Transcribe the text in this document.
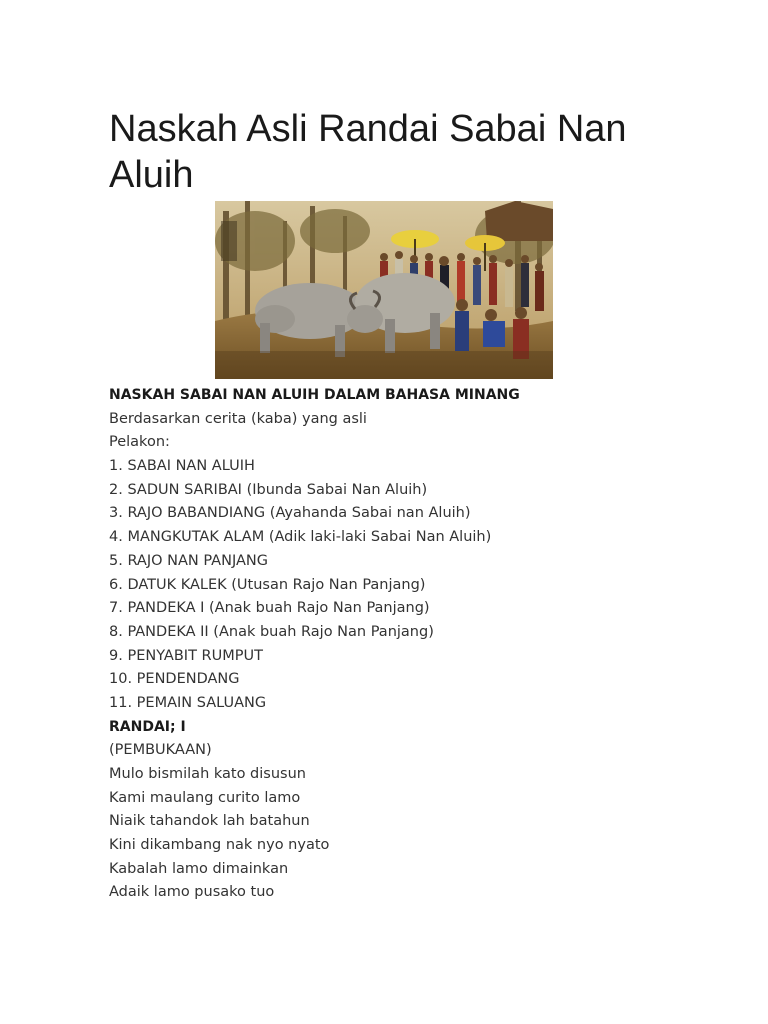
Naskah Asli Randai Sabai Nan Aluih
NASKAH SABAI NAN ALUIH DALAM BAHASA MINANG
Berdasarkan cerita (kaba) yang asli
Pelakon:
1. SABAI NAN ALUIH
2. SADUN SARIBAI (Ibunda Sabai Nan Aluih)
3. RAJO BABANDIANG (Ayahanda Sabai nan Aluih)
4. MANGKUTAK ALAM (Adik laki-laki Sabai Nan Aluih)
5. RAJO NAN PANJANG
6. DATUK KALEK (Utusan Rajo Nan Panjang)
7. PANDEKA I (Anak buah Rajo Nan Panjang)
8. PANDEKA II (Anak buah Rajo Nan Panjang)
9. PENYABIT RUMPUT
10. PENDENDANG
11. PEMAIN SALUANG
RANDAI; I
(PEMBUKAAN)
Mulo bismilah kato disusun
Kami maulang curito lamo
Niaik tahandok lah batahun
Kini dikambang nak nyo nyato
Kabalah lamo dimainkan
Adaik lamo pusako tuo
